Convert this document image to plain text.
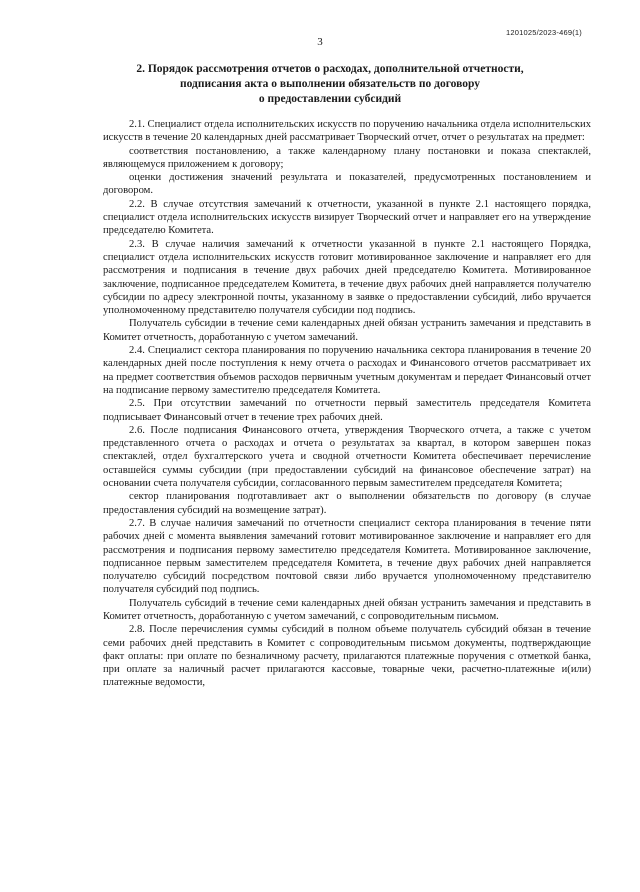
1201025/2023-469(1)
3
2. Порядок рассмотрения отчетов о расходах, дополнительной отчетности,
подписания акта о выполнении обязательств по договору
о предоставлении субсидий

2.1. Специалист отдела исполнительских искусств по поручению начальника отдела исполнительских искусств в течение 20 календарных дней рассматривает Творческий отчет, отчет о результатах на предмет:

соответствия постановлению, а также календарному плану постановки и показа спектаклей, являющемуся приложением к договору;

оценки достижения значений результата и показателей, предусмотренных постановлением и договором.

2.2. В случае отсутствия замечаний к отчетности, указанной в пункте 2.1 настоящего порядка, специалист отдела исполнительских искусств визирует Творческий отчет и направляет его на утверждение председателю Комитета.

2.3. В случае наличия замечаний к отчетности указанной в пункте 2.1 настоящего Порядка, специалист отдела исполнительских искусств готовит мотивированное заключение и направляет его для рассмотрения и подписания в течение двух рабочих дней председателю Комитета. Мотивированное заключение, подписанное председателем Комитета, в течение двух рабочих дней направляется получателю субсидии по адресу электронной почты, указанному в заявке о предоставлении субсидий, либо вручается уполномоченному представителю получателя субсидии под подпись.

Получатель субсидии в течение семи календарных дней обязан устранить замечания и представить в Комитет отчетность, доработанную с учетом замечаний.

2.4. Специалист сектора планирования по поручению начальника сектора планирования в течение 20 календарных дней после поступления к нему отчета о расходах и Финансового отчетов рассматривает их на предмет соответствия объемов расходов первичным учетным документам и передает Финансовый отчет на подписание первому заместителю председателя Комитета.

2.5. При отсутствии замечаний по отчетности первый заместитель председателя Комитета подписывает Финансовый отчет в течение трех рабочих дней.

2.6. После подписания Финансового отчета, утверждения Творческого отчета, а также с учетом представленного отчета о расходах и отчета о результатах за квартал, в котором завершен показ спектаклей, отдел бухгалтерского учета и сводной отчетности Комитета обеспечивает перечисление оставшейся суммы субсидии (при предоставлении субсидий на финансовое обеспечение затрат) на основании счета получателя субсидии, согласованного первым заместителем председателя Комитета;

сектор планирования подготавливает акт о выполнении обязательств по договору (в случае предоставления субсидий на возмещение затрат).

2.7. В случае наличия замечаний по отчетности специалист сектора планирования в течение пяти рабочих дней с момента выявления замечаний готовит мотивированное заключение и направляет его для рассмотрения и подписания первому заместителю председателя Комитета. Мотивированное заключение, подписанное первым заместителем председателя Комитета, в течение двух рабочих дней направляется получателю субсидий посредством почтовой связи либо вручается уполномоченному представителю получателя субсидий под подпись.

Получатель субсидий в течение семи календарных дней обязан устранить замечания и представить в Комитет отчетность, доработанную с учетом замечаний, с сопроводительным письмом.

2.8. После перечисления суммы субсидий в полном объеме получатель субсидий обязан в течение семи рабочих дней представить в Комитет с сопроводительным письмом документы, подтверждающие факт оплаты: при оплате по безналичному расчету, прилагаются платежные поручения с отметкой банка, при оплате за наличный расчет прилагаются кассовые, товарные чеки, расчетно-платежные и(или) платежные ведомости,
